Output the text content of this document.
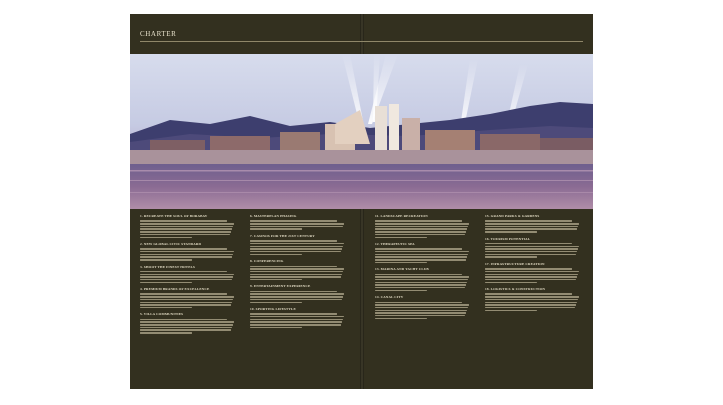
CHARTER
1. RECREATE THE SOUL OF BORABAY
2. NEW GLOBAL CIVIC STANDARD
3. SHOOT THE FINEST HOTELS
4. PREMIUM BRANDS OF EXCELLENCE
5. VILLA COMMUNITIES
6. MASTERPLAN PHASING
7. CASINOS FOR THE 21ST CENTURY
8. CONFERENCING
9. ENTERTAINMENT EXPERIENCE
10. SPORTING LIFESTYLE
11. LANDSCAPE RECREATION
12. THERAPEUTIC SPA
13. MARINA AND YACHT CLUB
14. CANAL CITY
15. GRAND PARKS & GARDENS
16. TOURISM POTENTIAL
17. INFRASTRUCTURE CREATION
18. LOGISTICS & CONSTRUCTION
